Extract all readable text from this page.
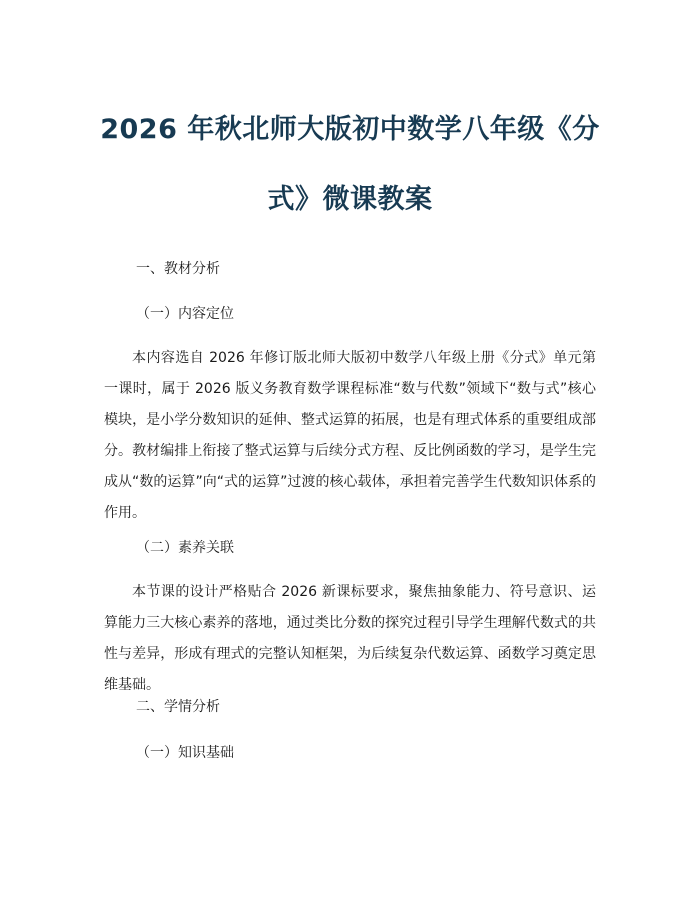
2026 年秋北师大版初中数学八年级《分
式》微课教案
一、教材分析
（一）内容定位

本内容选自 2026 年修订版北师大版初中数学八年级上册《分式》单元第一课时，属于 2026 版义务教育数学课程标准“数与代数”领域下“数与式”核心模块，是小学分数知识的延伸、整式运算的拓展，也是有理式体系的重要组成部分。教材编排上衔接了整式运算与后续分式方程、反比例函数的学习，是学生完成从“数的运算”向“式的运算”过渡的核心载体，承担着完善学生代数知识体系的作用。

（二）素养关联

本节课的设计严格贴合 2026 新课标要求，聚焦抽象能力、符号意识、运算能力三大核心素养的落地，通过类比分数的探究过程引导学生理解代数式的共性与差异，形成有理式的完整认知框架，为后续复杂代数运算、函数学习奠定思维基础。

二、学情分析
（一）知识基础
